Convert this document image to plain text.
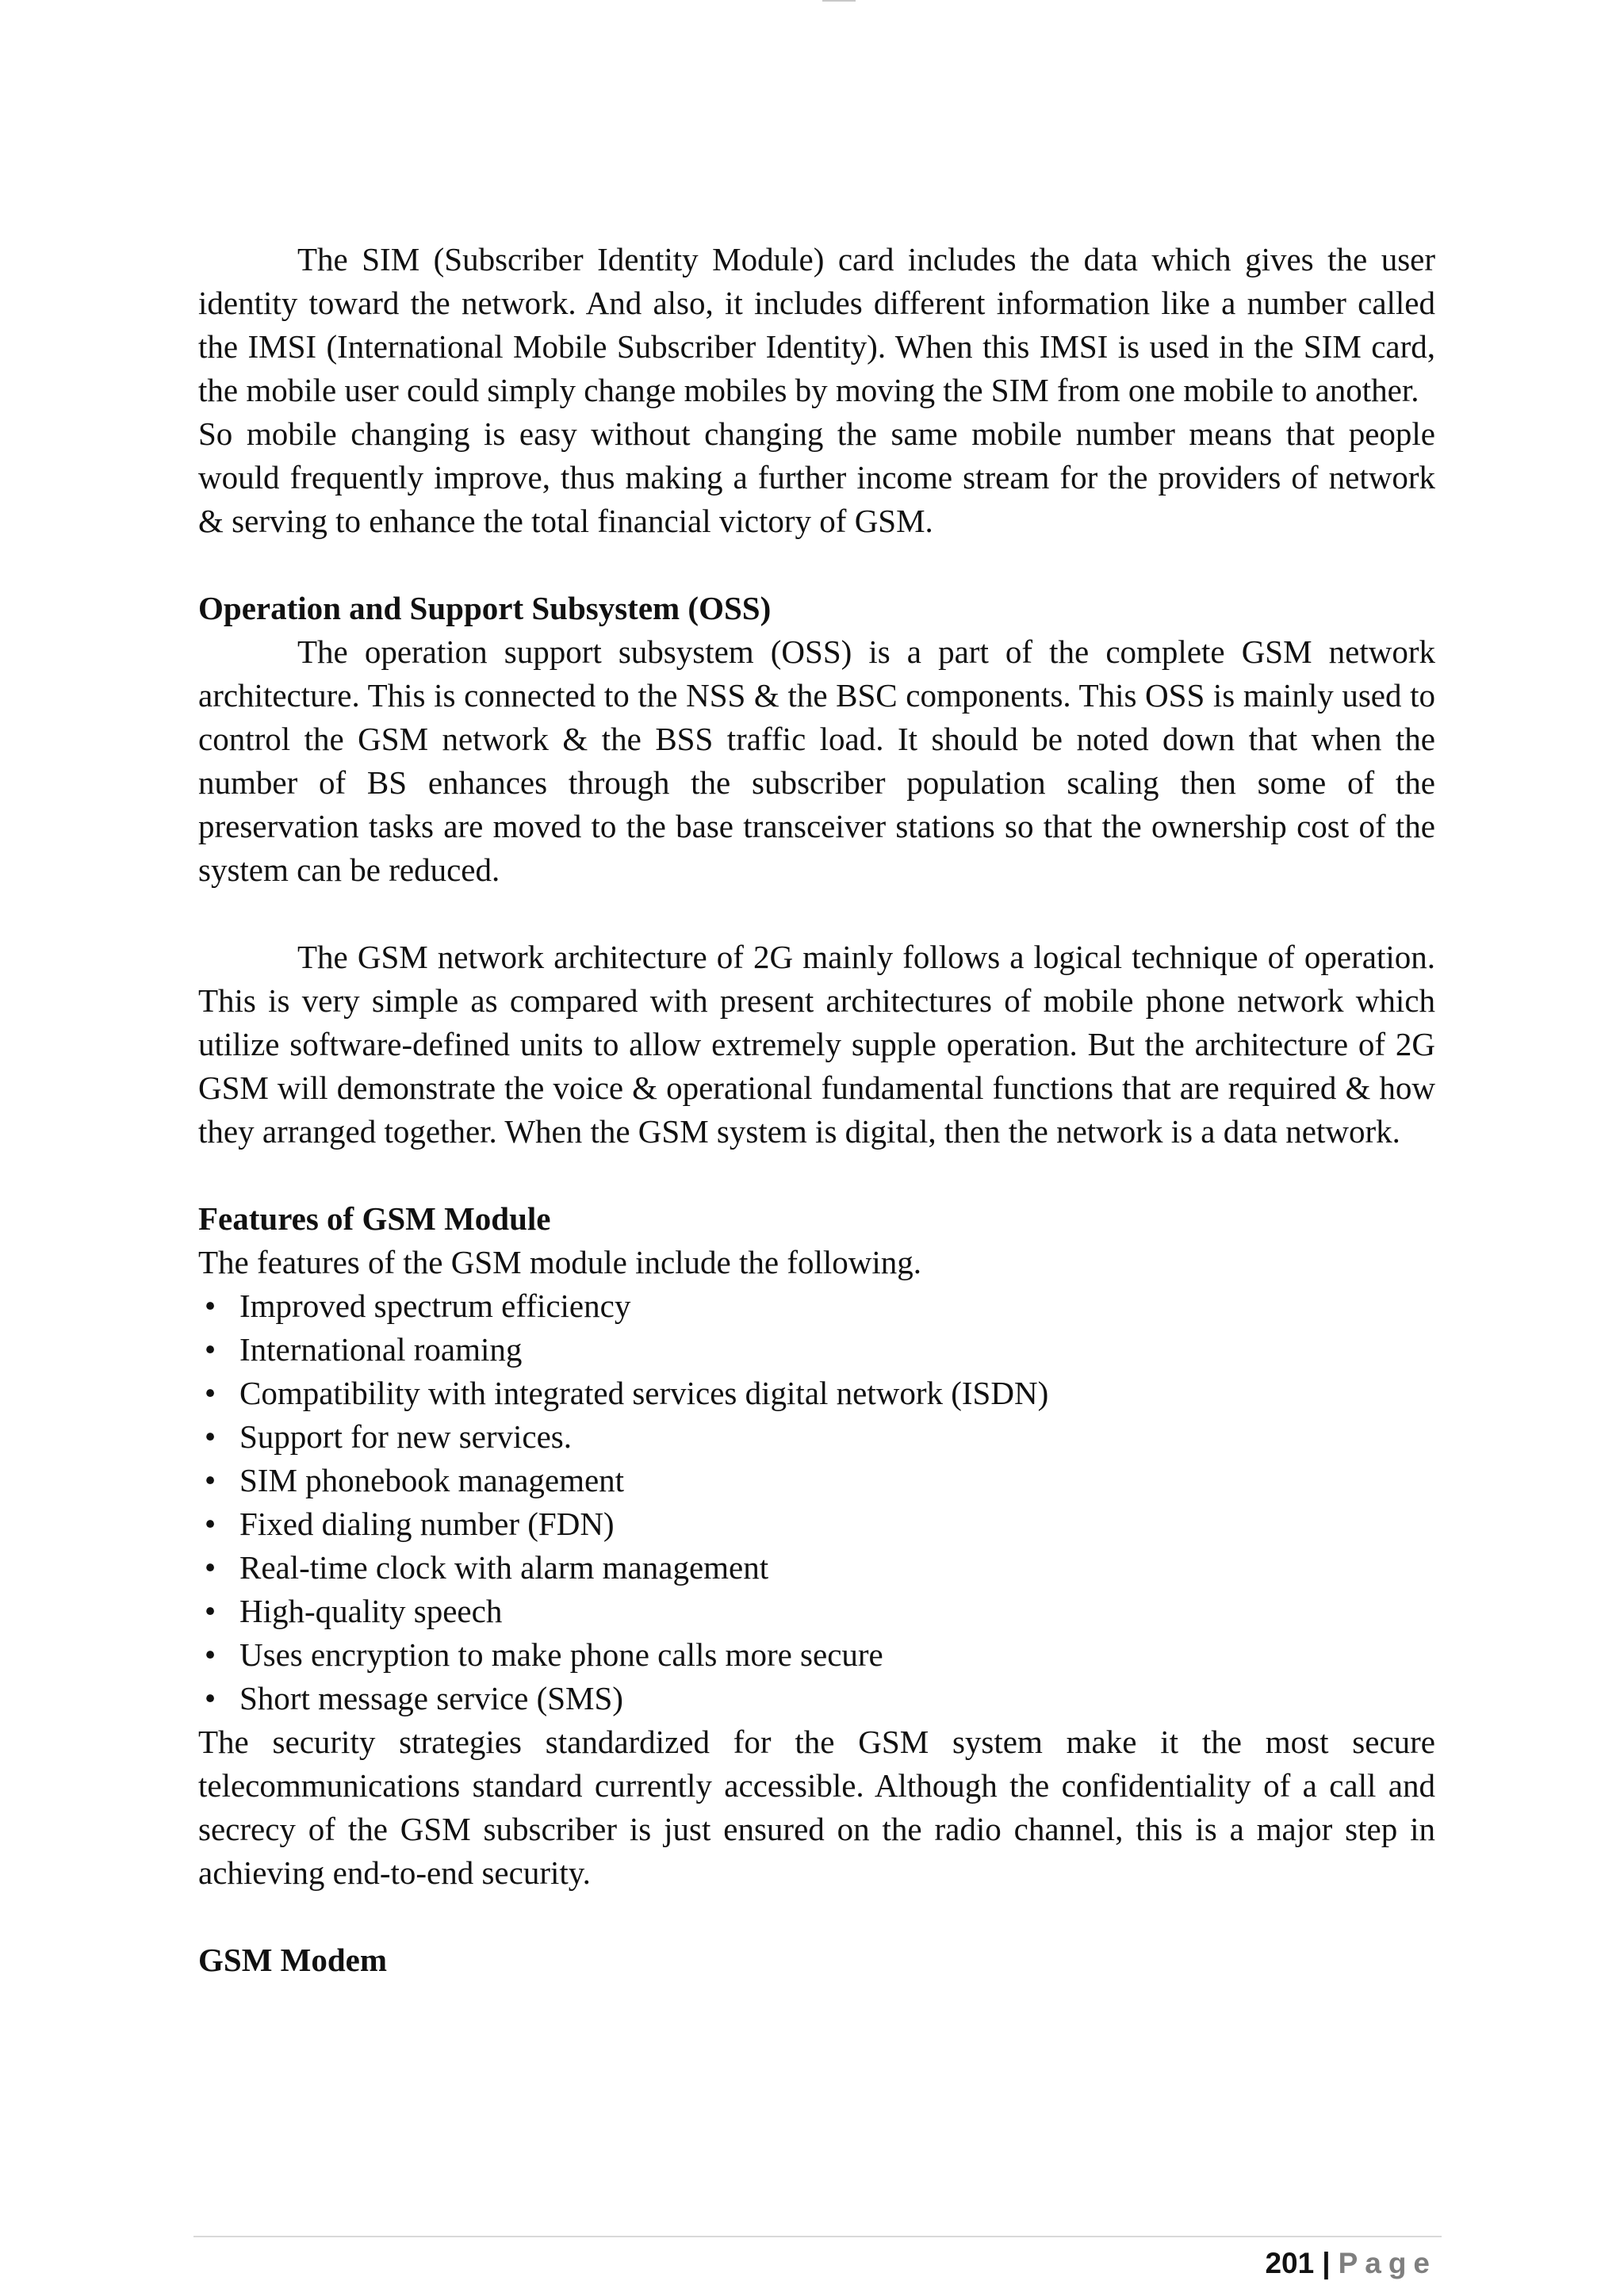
The SIM (Subscriber Identity Module) card includes the data which gives the user identity toward the network. And also, it includes different information like a number called the IMSI (International Mobile Subscriber Identity). When this IMSI is used in the SIM card, the mobile user could simply change mobiles by moving the SIM from one mobile to another.

So mobile changing is easy without changing the same mobile number means that people would frequently improve, thus making a further income stream for the providers of network & serving to enhance the total financial victory of GSM.

Operation and Support Subsystem (OSS)

The operation support subsystem (OSS) is a part of the complete GSM network architecture. This is connected to the NSS & the BSC components. This OSS is mainly used to control the GSM network & the BSS traffic load. It should be noted down that when the number of BS enhances through the subscriber population scaling then some of the preservation tasks are moved to the base transceiver stations so that the ownership cost of the system can be reduced.

The GSM network architecture of 2G mainly follows a logical technique of operation. This is very simple as compared with present architectures of mobile phone network which utilize software-defined units to allow extremely supple operation. But the architecture of 2G GSM will demonstrate the voice & operational fundamental functions that are required & how they arranged together. When the GSM system is digital, then the network is a data network.

Features of GSM Module

The features of the GSM module include the following.

• Improved spectrum efficiency
• International roaming
• Compatibility with integrated services digital network (ISDN)
• Support for new services.
• SIM phonebook management
• Fixed dialing number (FDN)
• Real-time clock with alarm management
• High-quality speech
• Uses encryption to make phone calls more secure
• Short message service (SMS)

The security strategies standardized for the GSM system make it the most secure telecommunications standard currently accessible. Although the confidentiality of a call and secrecy of the GSM subscriber is just ensured on the radio channel, this is a major step in achieving end-to-end security.

GSM Modem
201 | Page
